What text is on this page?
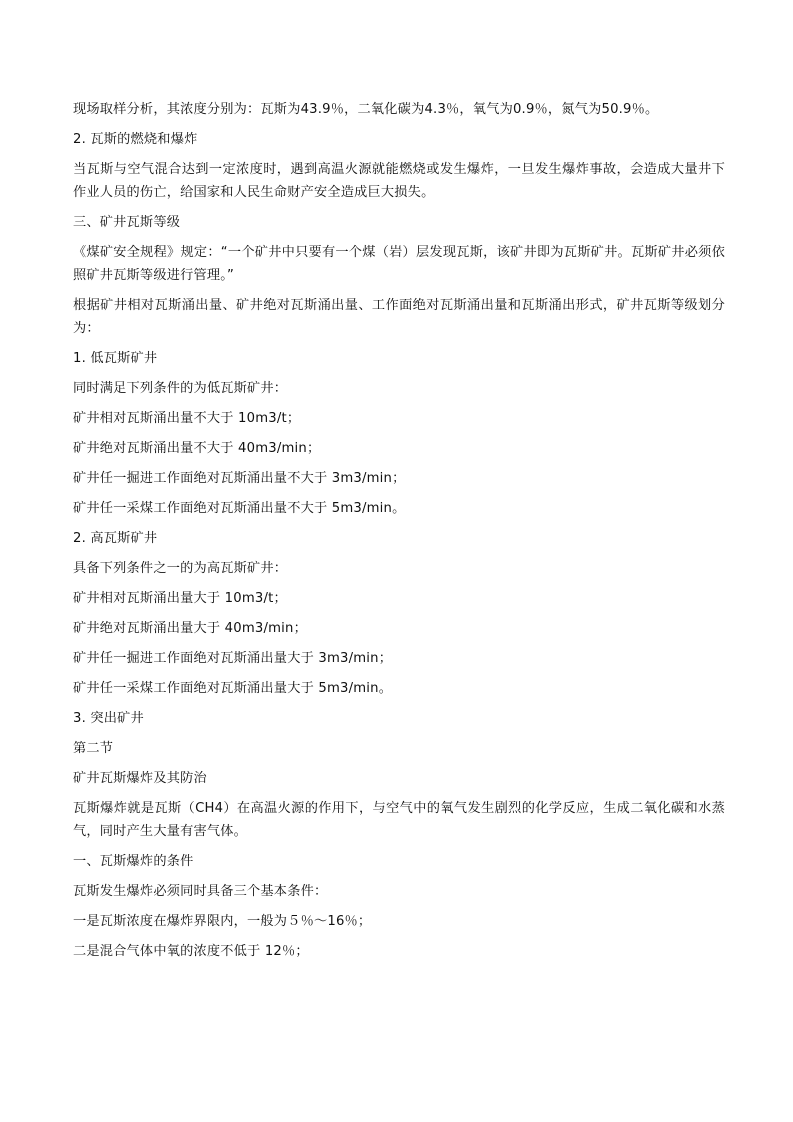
现场取样分析，其浓度分别为：瓦斯为43.9％，二氧化碳为4.3％，氧气为0.9％，氮气为50.9％。

2. 瓦斯的燃烧和爆炸

当瓦斯与空气混合达到一定浓度时，遇到高温火源就能燃烧或发生爆炸，一旦发生爆炸事故，会造成大量井下作业人员的伤亡，给国家和人民生命财产安全造成巨大损失。

三、矿井瓦斯等级

《煤矿安全规程》规定：“一个矿井中只要有一个煤（岩）层发现瓦斯，该矿井即为瓦斯矿井。瓦斯矿井必须依照矿井瓦斯等级进行管理。”

根据矿井相对瓦斯涌出量、矿井绝对瓦斯涌出量、工作面绝对瓦斯涌出量和瓦斯涌出形式，矿井瓦斯等级划分为：

1. 低瓦斯矿井

同时满足下列条件的为低瓦斯矿井：

矿井相对瓦斯涌出量不大于 10m3/t；

矿井绝对瓦斯涌出量不大于 40m3/min；

矿井任一掘进工作面绝对瓦斯涌出量不大于 3m3/min；

矿井任一采煤工作面绝对瓦斯涌出量不大于 5m3/min。

2. 高瓦斯矿井

具备下列条件之一的为高瓦斯矿井：

矿井相对瓦斯涌出量大于 10m3/t；

矿井绝对瓦斯涌出量大于 40m3/min；

矿井任一掘进工作面绝对瓦斯涌出量大于 3m3/min；

矿井任一采煤工作面绝对瓦斯涌出量大于 5m3/min。

3. 突出矿井

第二节

矿井瓦斯爆炸及其防治

瓦斯爆炸就是瓦斯（CH4）在高温火源的作用下，与空气中的氧气发生剧烈的化学反应，生成二氧化碳和水蒸气，同时产生大量有害气体。

一、瓦斯爆炸的条件

瓦斯发生爆炸必须同时具备三个基本条件：

一是瓦斯浓度在爆炸界限内，一般为５％～16％；

二是混合气体中氧的浓度不低于 12％；
